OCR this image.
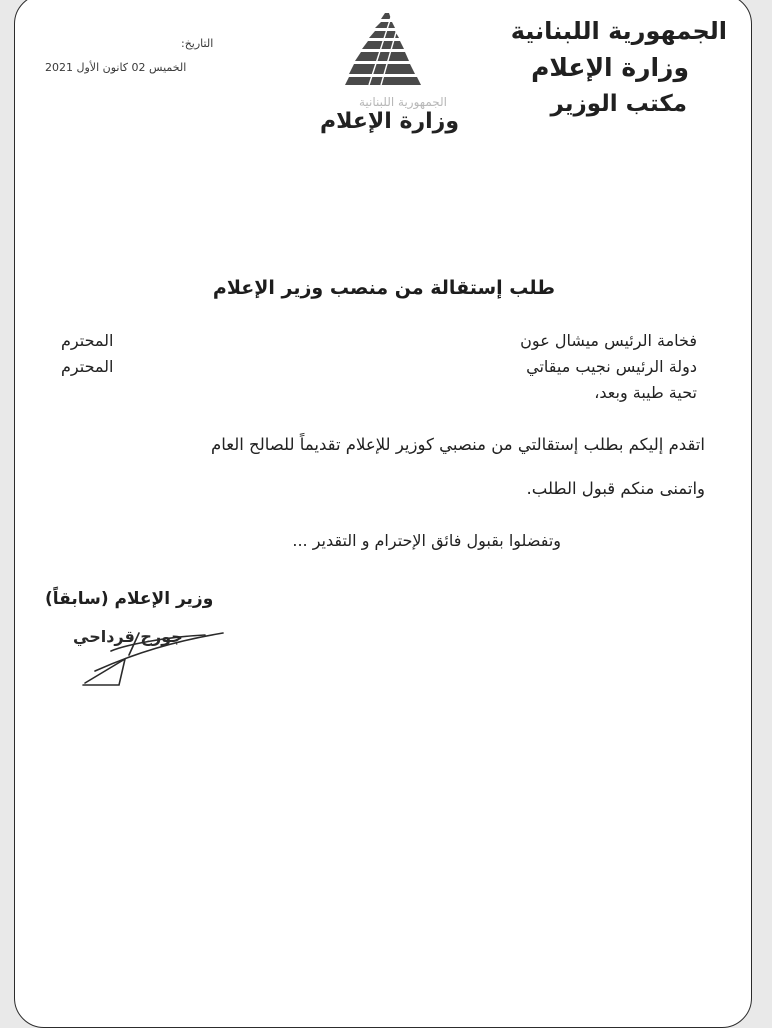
الجمهورية اللبنانية
وزارة الإعلام
مكتب الوزير
الجمهورية اللبنانية
وزارة الإعلام
التاريخ:
الخميس 02 كانون الأول 2021
طلب إستقالة من منصب وزير الإعلام
فخامة الرئيس ميشال عون
المحترم
دولة الرئيس نجيب ميقاتي
المحترم
تحية طيبة وبعد،
اتقدم إليكم بطلب إستقالتي من منصبي كوزير للإعلام تقديماً للصالح العام
واتمنى منكم قبول الطلب.
وتفضلوا بقبول فائق الإحترام و التقدير ...
وزير الإعلام (سابقاً)
جورج قرداحي
